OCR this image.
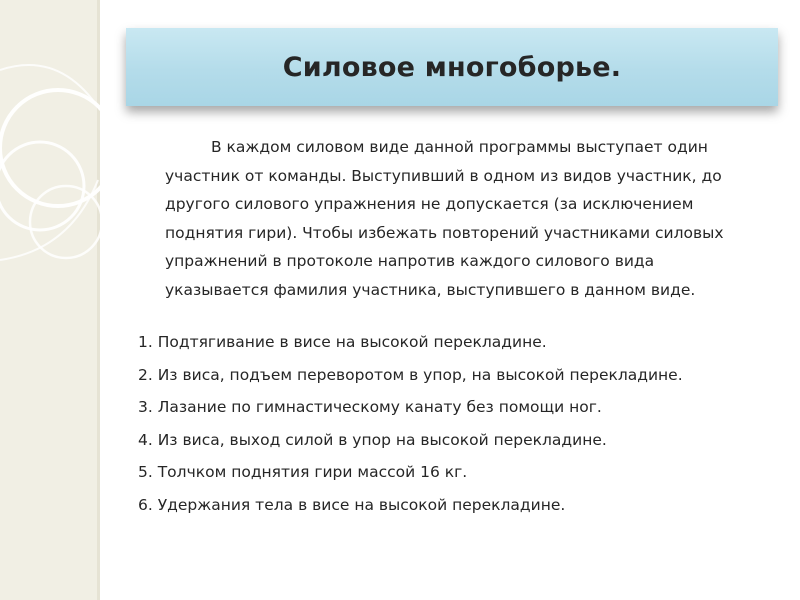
Силовое многоборье.

В каждом силовом виде данной программы выступает один участник от команды. Выступивший в одном из видов участник, до другого силового упражнения не допускается (за исключением поднятия гири). Чтобы избежать повторений участниками силовых упражнений в протоколе напротив каждого силового вида указывается фамилия участника, выступившего в данном виде.

1. Подтягивание в висе на высокой перекладине.
2. Из виса, подъем переворотом в упор, на высокой перекладине.
3. Лазание по гимнастическому канату без помощи ног.
4. Из виса, выход силой в упор на высокой перекладине.
5. Толчком поднятия гири массой 16 кг.
6. Удержания тела в висе на высокой перекладине.
